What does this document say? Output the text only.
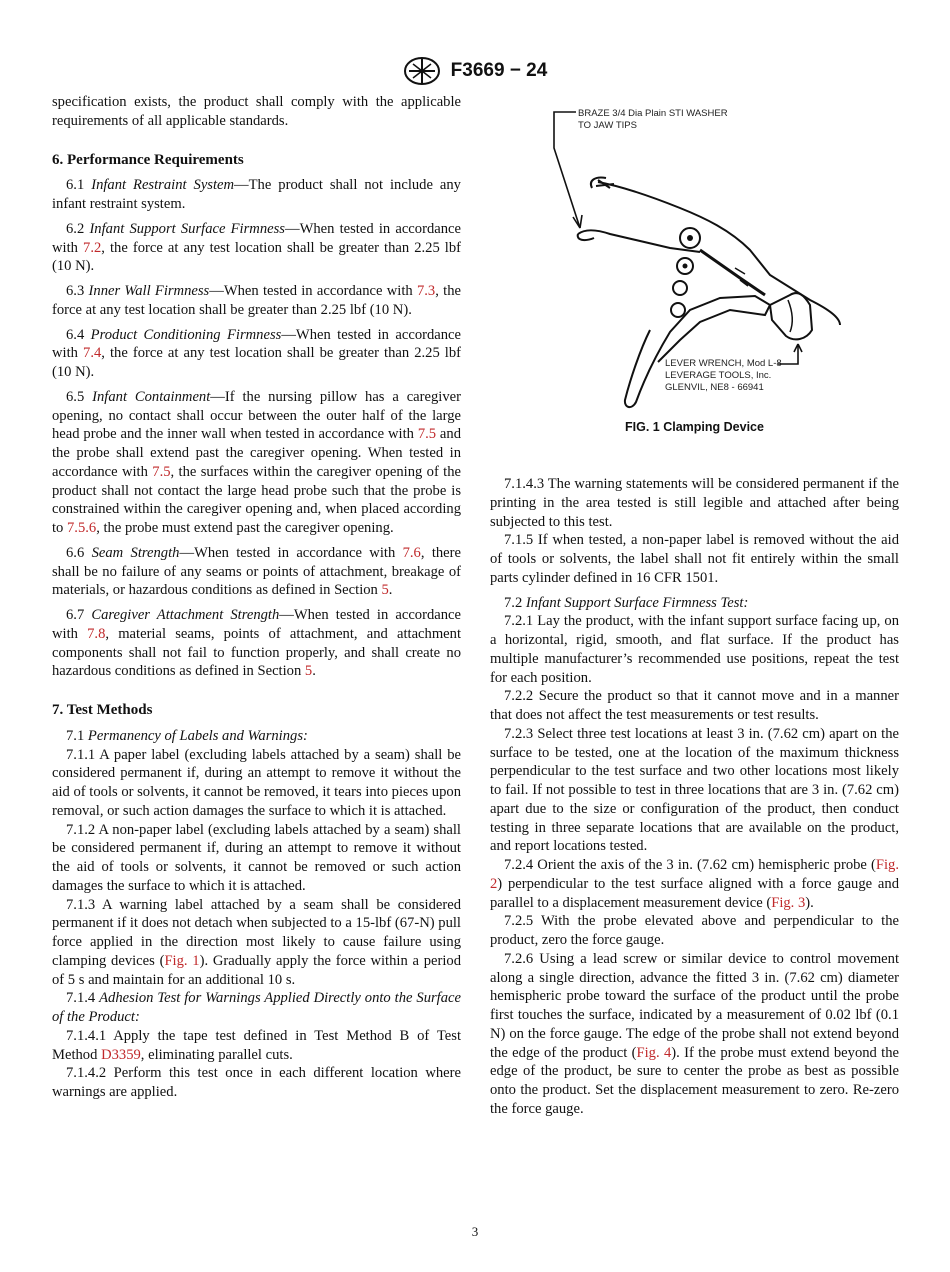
F3669 − 24

specification exists, the product shall comply with the applicable requirements of all applicable standards.

6. Performance Requirements

6.1 Infant Restraint System—The product shall not include any infant restraint system.

6.2 Infant Support Surface Firmness—When tested in accordance with 7.2, the force at any test location shall be greater than 2.25 lbf (10 N).

6.3 Inner Wall Firmness—When tested in accordance with 7.3, the force at any test location shall be greater than 2.25 lbf (10 N).

6.4 Product Conditioning Firmness—When tested in accordance with 7.4, the force at any test location shall be greater than 2.25 lbf (10 N).

6.5 Infant Containment—If the nursing pillow has a caregiver opening, no contact shall occur between the outer half of the large head probe and the inner wall when tested in accordance with 7.5 and the probe shall extend past the caregiver opening. When tested in accordance with 7.5, the surfaces within the caregiver opening of the product shall not contact the large head probe such that the probe is constrained within the caregiver opening and, when placed according to 7.5.6, the probe must extend past the caregiver opening.

6.6 Seam Strength—When tested in accordance with 7.6, there shall be no failure of any seams or points of attachment, breakage of materials, or hazardous conditions as defined in Section 5.

6.7 Caregiver Attachment Strength—When tested in accordance with 7.8, material seams, points of attachment, and attachment components shall not fail to function properly, and shall create no hazardous conditions as defined in Section 5.

7. Test Methods

7.1 Permanency of Labels and Warnings:

7.1.1 A paper label (excluding labels attached by a seam) shall be considered permanent if, during an attempt to remove it without the aid of tools or solvents, it cannot be removed, it tears into pieces upon removal, or such action damages the surface to which it is attached.

7.1.2 A non-paper label (excluding labels attached by a seam) shall be considered permanent if, during an attempt to remove it without the aid of tools or solvents, it cannot be removed or such action damages the surface to which it is attached.

7.1.3 A warning label attached by a seam shall be considered permanent if it does not detach when subjected to a 15-lbf (67-N) pull force applied in the direction most likely to cause failure using clamping devices (Fig. 1). Gradually apply the force within a period of 5 s and maintain for an additional 10 s.

7.1.4 Adhesion Test for Warnings Applied Directly onto the Surface of the Product:

7.1.4.1 Apply the tape test defined in Test Method B of Test Method D3359, eliminating parallel cuts.

7.1.4.2 Perform this test once in each different location where warnings are applied.

BRAZE 3/4 Dia Plain STI WASHER
TO JAW TIPS
LEVER WRENCH, Mod L-8
LEVERAGE TOOLS, Inc.
GLENVIL, NE8 - 66941
FIG. 1 Clamping Device

7.1.4.3 The warning statements will be considered permanent if the printing in the area tested is still legible and attached after being subjected to this test.

7.1.5 If when tested, a non-paper label is removed without the aid of tools or solvents, the label shall not fit entirely within the small parts cylinder defined in 16 CFR 1501.

7.2 Infant Support Surface Firmness Test:

7.2.1 Lay the product, with the infant support surface facing up, on a horizontal, rigid, smooth, and flat surface. If the product has multiple manufacturer’s recommended use positions, repeat the test for each position.

7.2.2 Secure the product so that it cannot move and in a manner that does not affect the test measurements or test results.

7.2.3 Select three test locations at least 3 in. (7.62 cm) apart on the surface to be tested, one at the location of the maximum thickness perpendicular to the test surface and two other locations most likely to fail. If not possible to test in three locations that are 3 in. (7.62 cm) apart due to the size or configuration of the product, then conduct testing in three separate locations that are available on the product, and report locations tested.

7.2.4 Orient the axis of the 3 in. (7.62 cm) hemispheric probe (Fig. 2) perpendicular to the test surface aligned with a force gauge and parallel to a displacement measurement device (Fig. 3).

7.2.5 With the probe elevated above and perpendicular to the product, zero the force gauge.

7.2.6 Using a lead screw or similar device to control movement along a single direction, advance the fitted 3 in. (7.62 cm) diameter hemispheric probe toward the surface of the product until the probe first touches the surface, indicated by a measurement of 0.02 lbf (0.1 N) on the force gauge. The edge of the probe shall not extend beyond the edge of the product (Fig. 4). If the probe must extend beyond the edge of the product, be sure to center the probe as best as possible onto the product. Set the displacement measurement to zero. Re-zero the force gauge.

3
